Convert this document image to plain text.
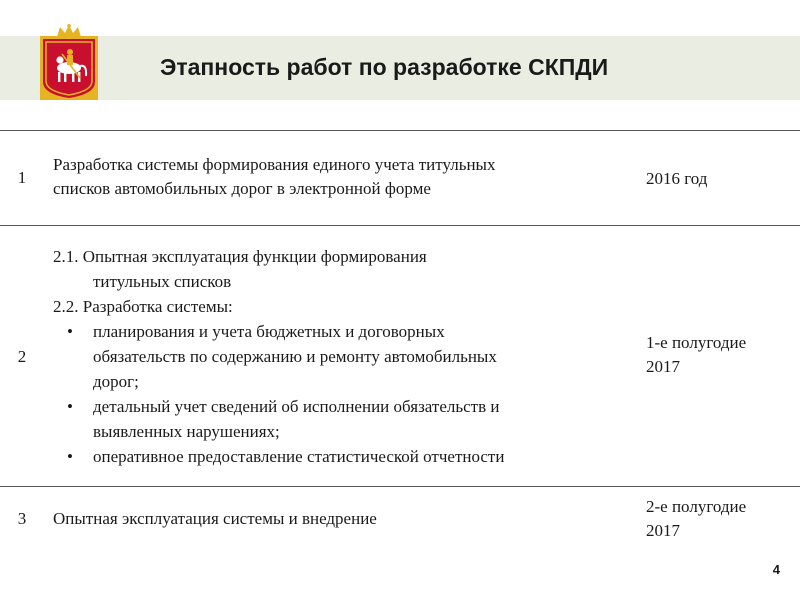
Этапность работ по разработке СКПДИ
1
Разработка системы формирования единого учета титульных
списков автомобильных дорог в электронной форме
2016 год
2
2.1. Опытная эксплуатация функции формирования
титульных списков
2.2. Разработка системы:
• планирования и учета бюджетных и договорных
обязательств по содержанию и ремонту автомобильных
дорог;
• детальный учет сведений об исполнении обязательств и
выявленных нарушениях;
• оперативное предоставление статистической отчетности
1-е полугодие
2017
3	Опытная эксплуатация системы и внедрение
2-е полугодие
2017
4
